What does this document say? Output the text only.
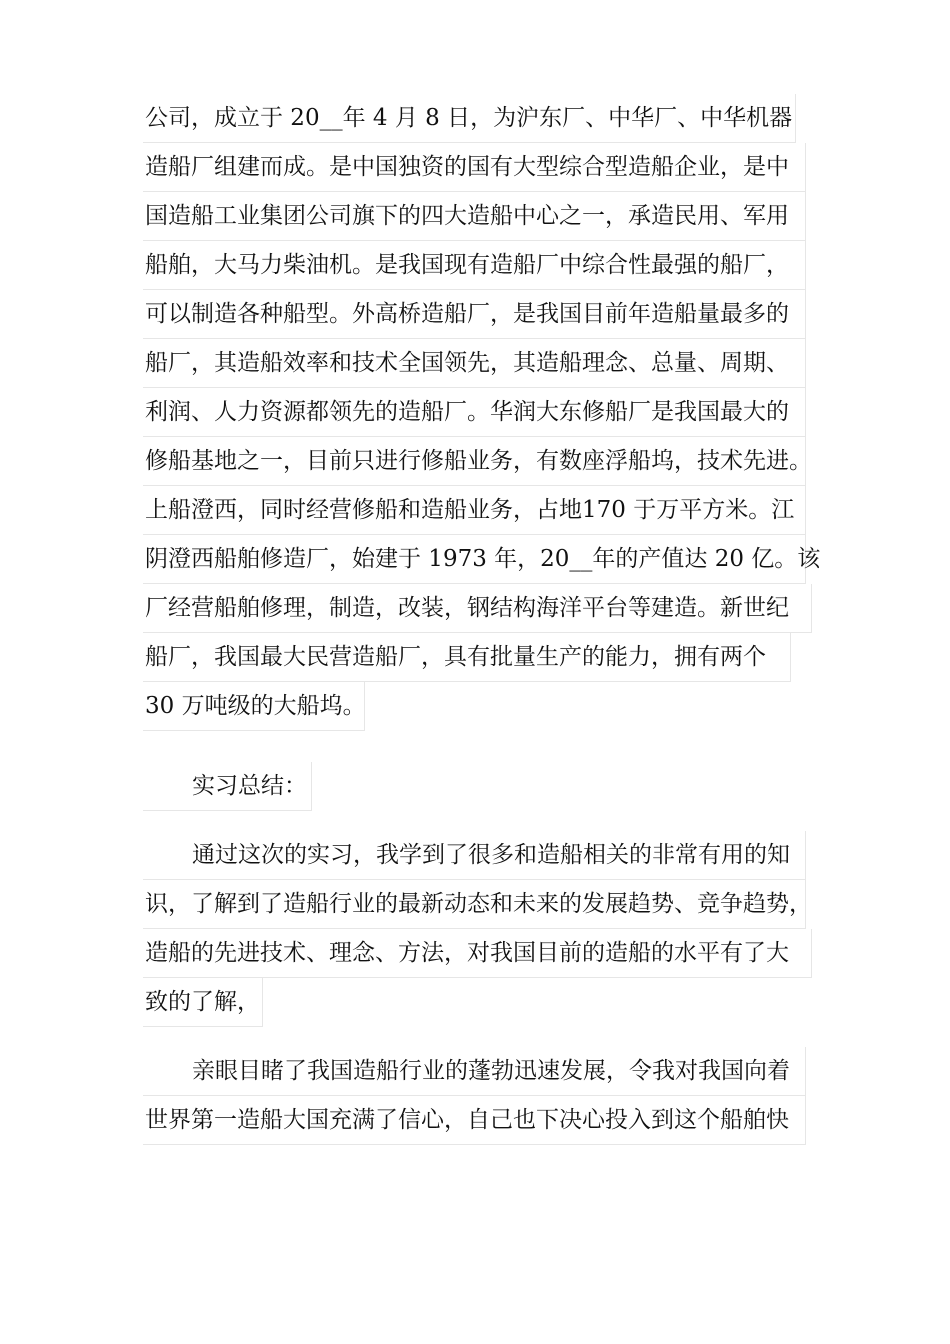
公司，成立于 20__年 4 月 8 日，为沪东厂、中华厂、中华机器
造船厂组建而成。是中国独资的国有大型综合型造船企业，是中
国造船工业集团公司旗下的四大造船中心之一，承造民用、军用
船舶，大马力柴油机。是我国现有造船厂中综合性最强的船厂，
可以制造各种船型。外高桥造船厂，是我国目前年造船量最多的
船厂，其造船效率和技术全国领先，其造船理念、总量、周期、
利润、人力资源都领先的造船厂。华润大东修船厂是我国最大的
修船基地之一，目前只进行修船业务，有数座浮船坞，技术先进。
上船澄西，同时经营修船和造船业务，占地170 于万平方米。江
阴澄西船舶修造厂，始建于 1973 年，20__年的产值达 20 亿。该
厂经营船舶修理，制造，改装，钢结构海洋平台等建造。新世纪
船厂，我国最大民营造船厂，具有批量生产的能力，拥有两个
30 万吨级的大船坞。
实习总结：
通过这次的实习，我学到了很多和造船相关的非常有用的知
识，了解到了造船行业的最新动态和未来的发展趋势、竞争趋势，
造船的先进技术、理念、方法，对我国目前的造船的水平有了大
致的了解，
亲眼目睹了我国造船行业的蓬勃迅速发展，令我对我国向着
世界第一造船大国充满了信心，自己也下决心投入到这个船舶快
